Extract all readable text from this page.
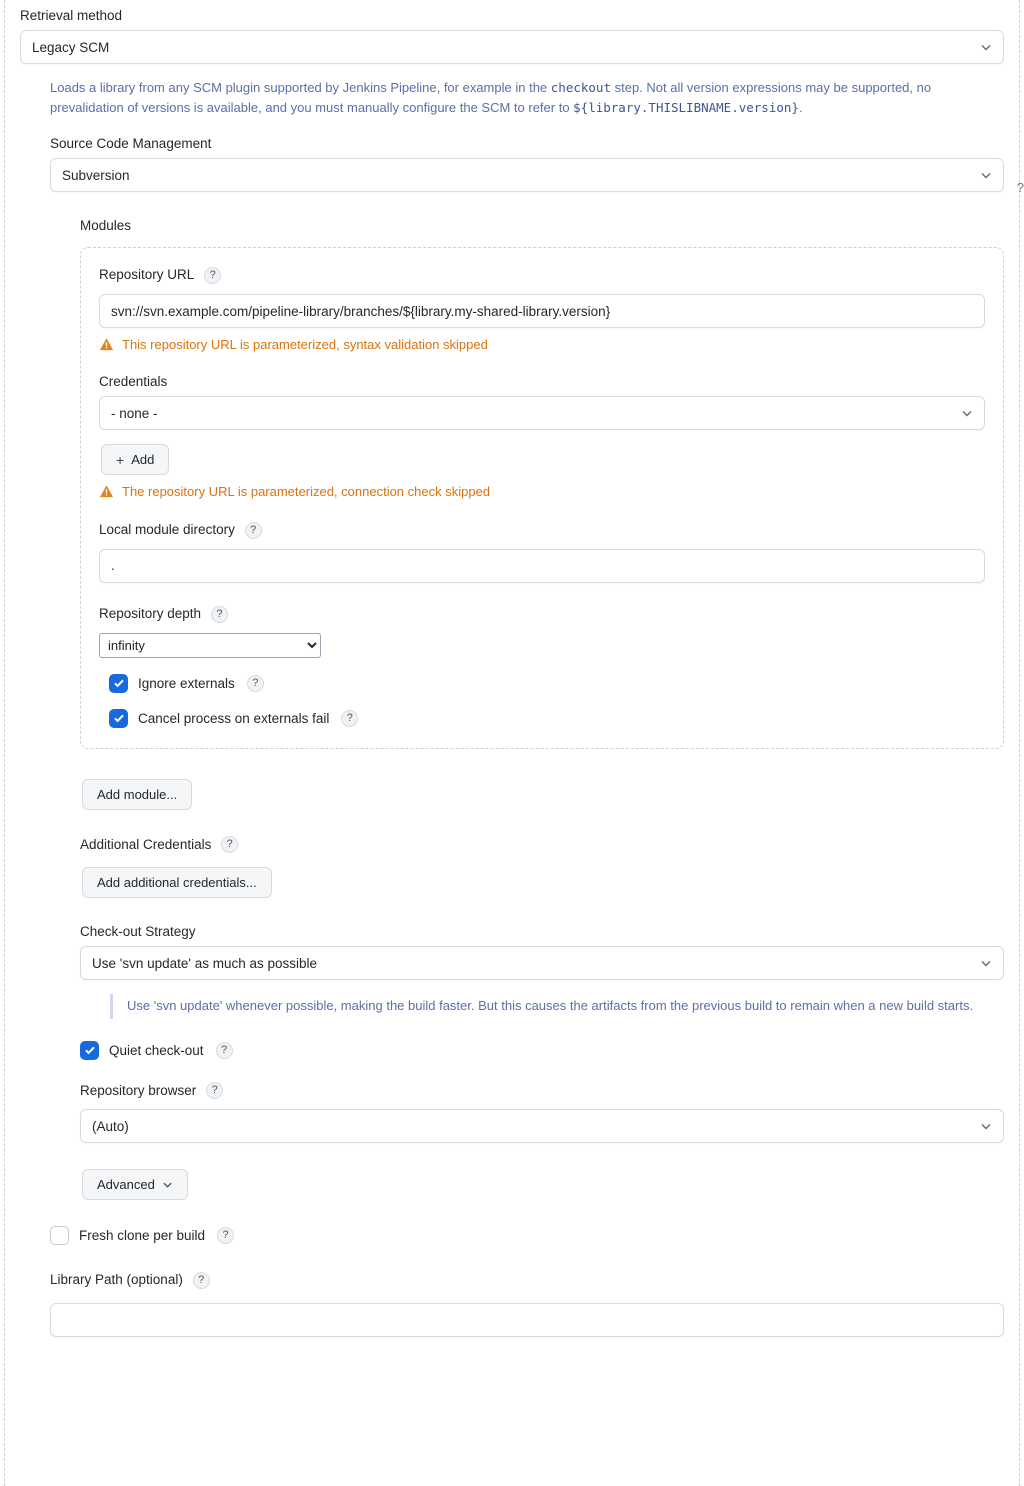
?
Retrieval method
Legacy SCM
Loads a library from any SCM plugin supported by Jenkins Pipeline, for example in the checkout step. Not all version expressions may be supported, no prevalidation of versions is available, and you must manually configure the SCM to refer to ${library.THISLIBNAME.version}.
Source Code Management
Subversion
Modules
Repository URL ?
svn://svn.example.com/pipeline-library/branches/${library.my-shared-library.version}
This repository URL is parameterized, syntax validation skipped
Credentials
- none -
+ Add
The repository URL is parameterized, connection check skipped
Local module directory ?
.
Repository depth ?
infinity
Ignore externals	?
Cancel process on externals fail	?
Add module...
Additional Credentials ?
Add additional credentials...
Check-out Strategy
Use 'svn update' as much as possible
Use 'svn update' whenever possible, making the build faster. But this causes the artifacts from the previous build to remain when a new build starts.
Quiet check-out	?
Repository browser ?
(Auto)
Advanced
Fresh clone per build	?
Library Path (optional) ?
